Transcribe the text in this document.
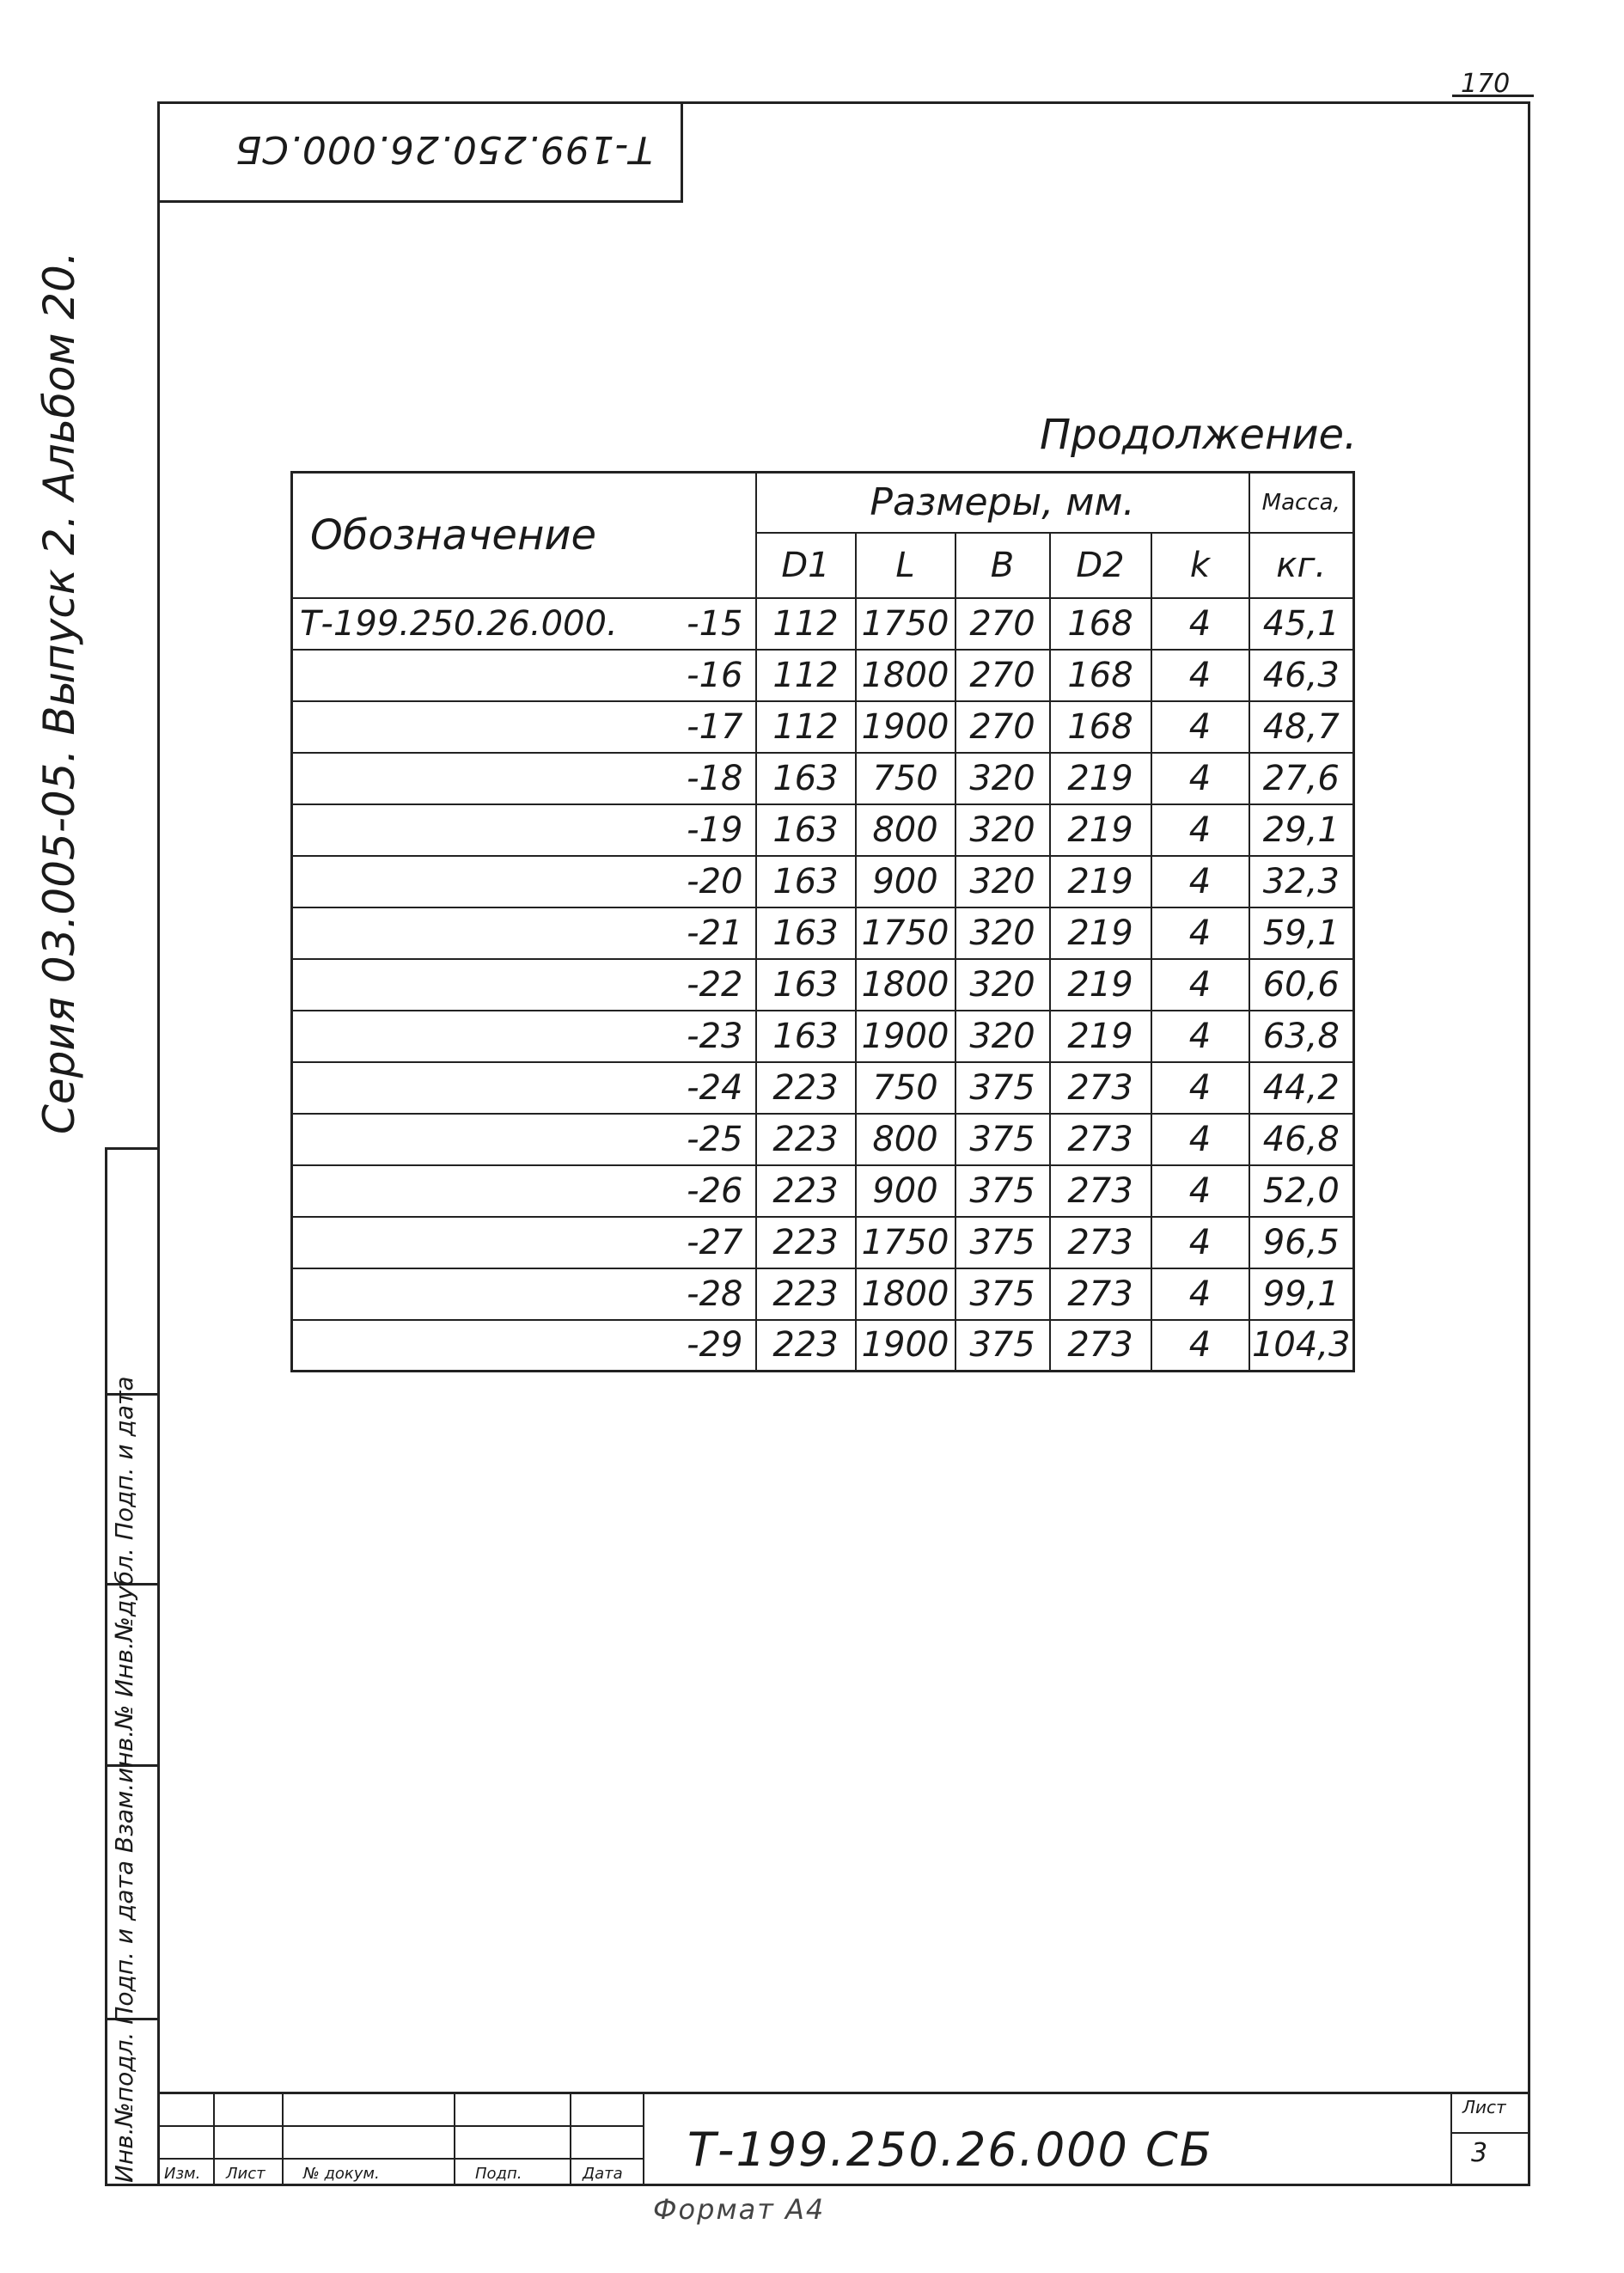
170
Т-199.250.26.000.СБ
Серия 03.005-05. Выпуск 2. Альбом 20.
Инв.№подл. Подп. и дата Взам.инв.№ Инв.№дубл. Подп. и дата
Продолжение.
Обозначение	Размеры, мм.					Масса,
	D1	L	В	D2	k	кг.

Т-199.250.26.000. -15	112	1750	270	168	4	45,1
-16	112	1800	270	168	4	46,3
-17	112	1900	270	168	4	48,7
-18	163	750	320	219	4	27,6
-19	163	800	320	219	4	29,1
-20	163	900	320	219	4	32,3
-21	163	1750	320	219	4	59,1
-22	163	1800	320	219	4	60,6
-23	163	1900	320	219	4	63,8
-24	223	750	375	273	4	44,2
-25	223	800	375	273	4	46,8
-26	223	900	375	273	4	52,0
-27	223	1750	375	273	4	96,5
-28	223	1800	375	273	4	99,1
-29	223	1900	375	273	4	104,3
Изм. Лист № докум.	Подп.	Дата Т-199.250.26.000 СБ
Лист
3
Формат А4
